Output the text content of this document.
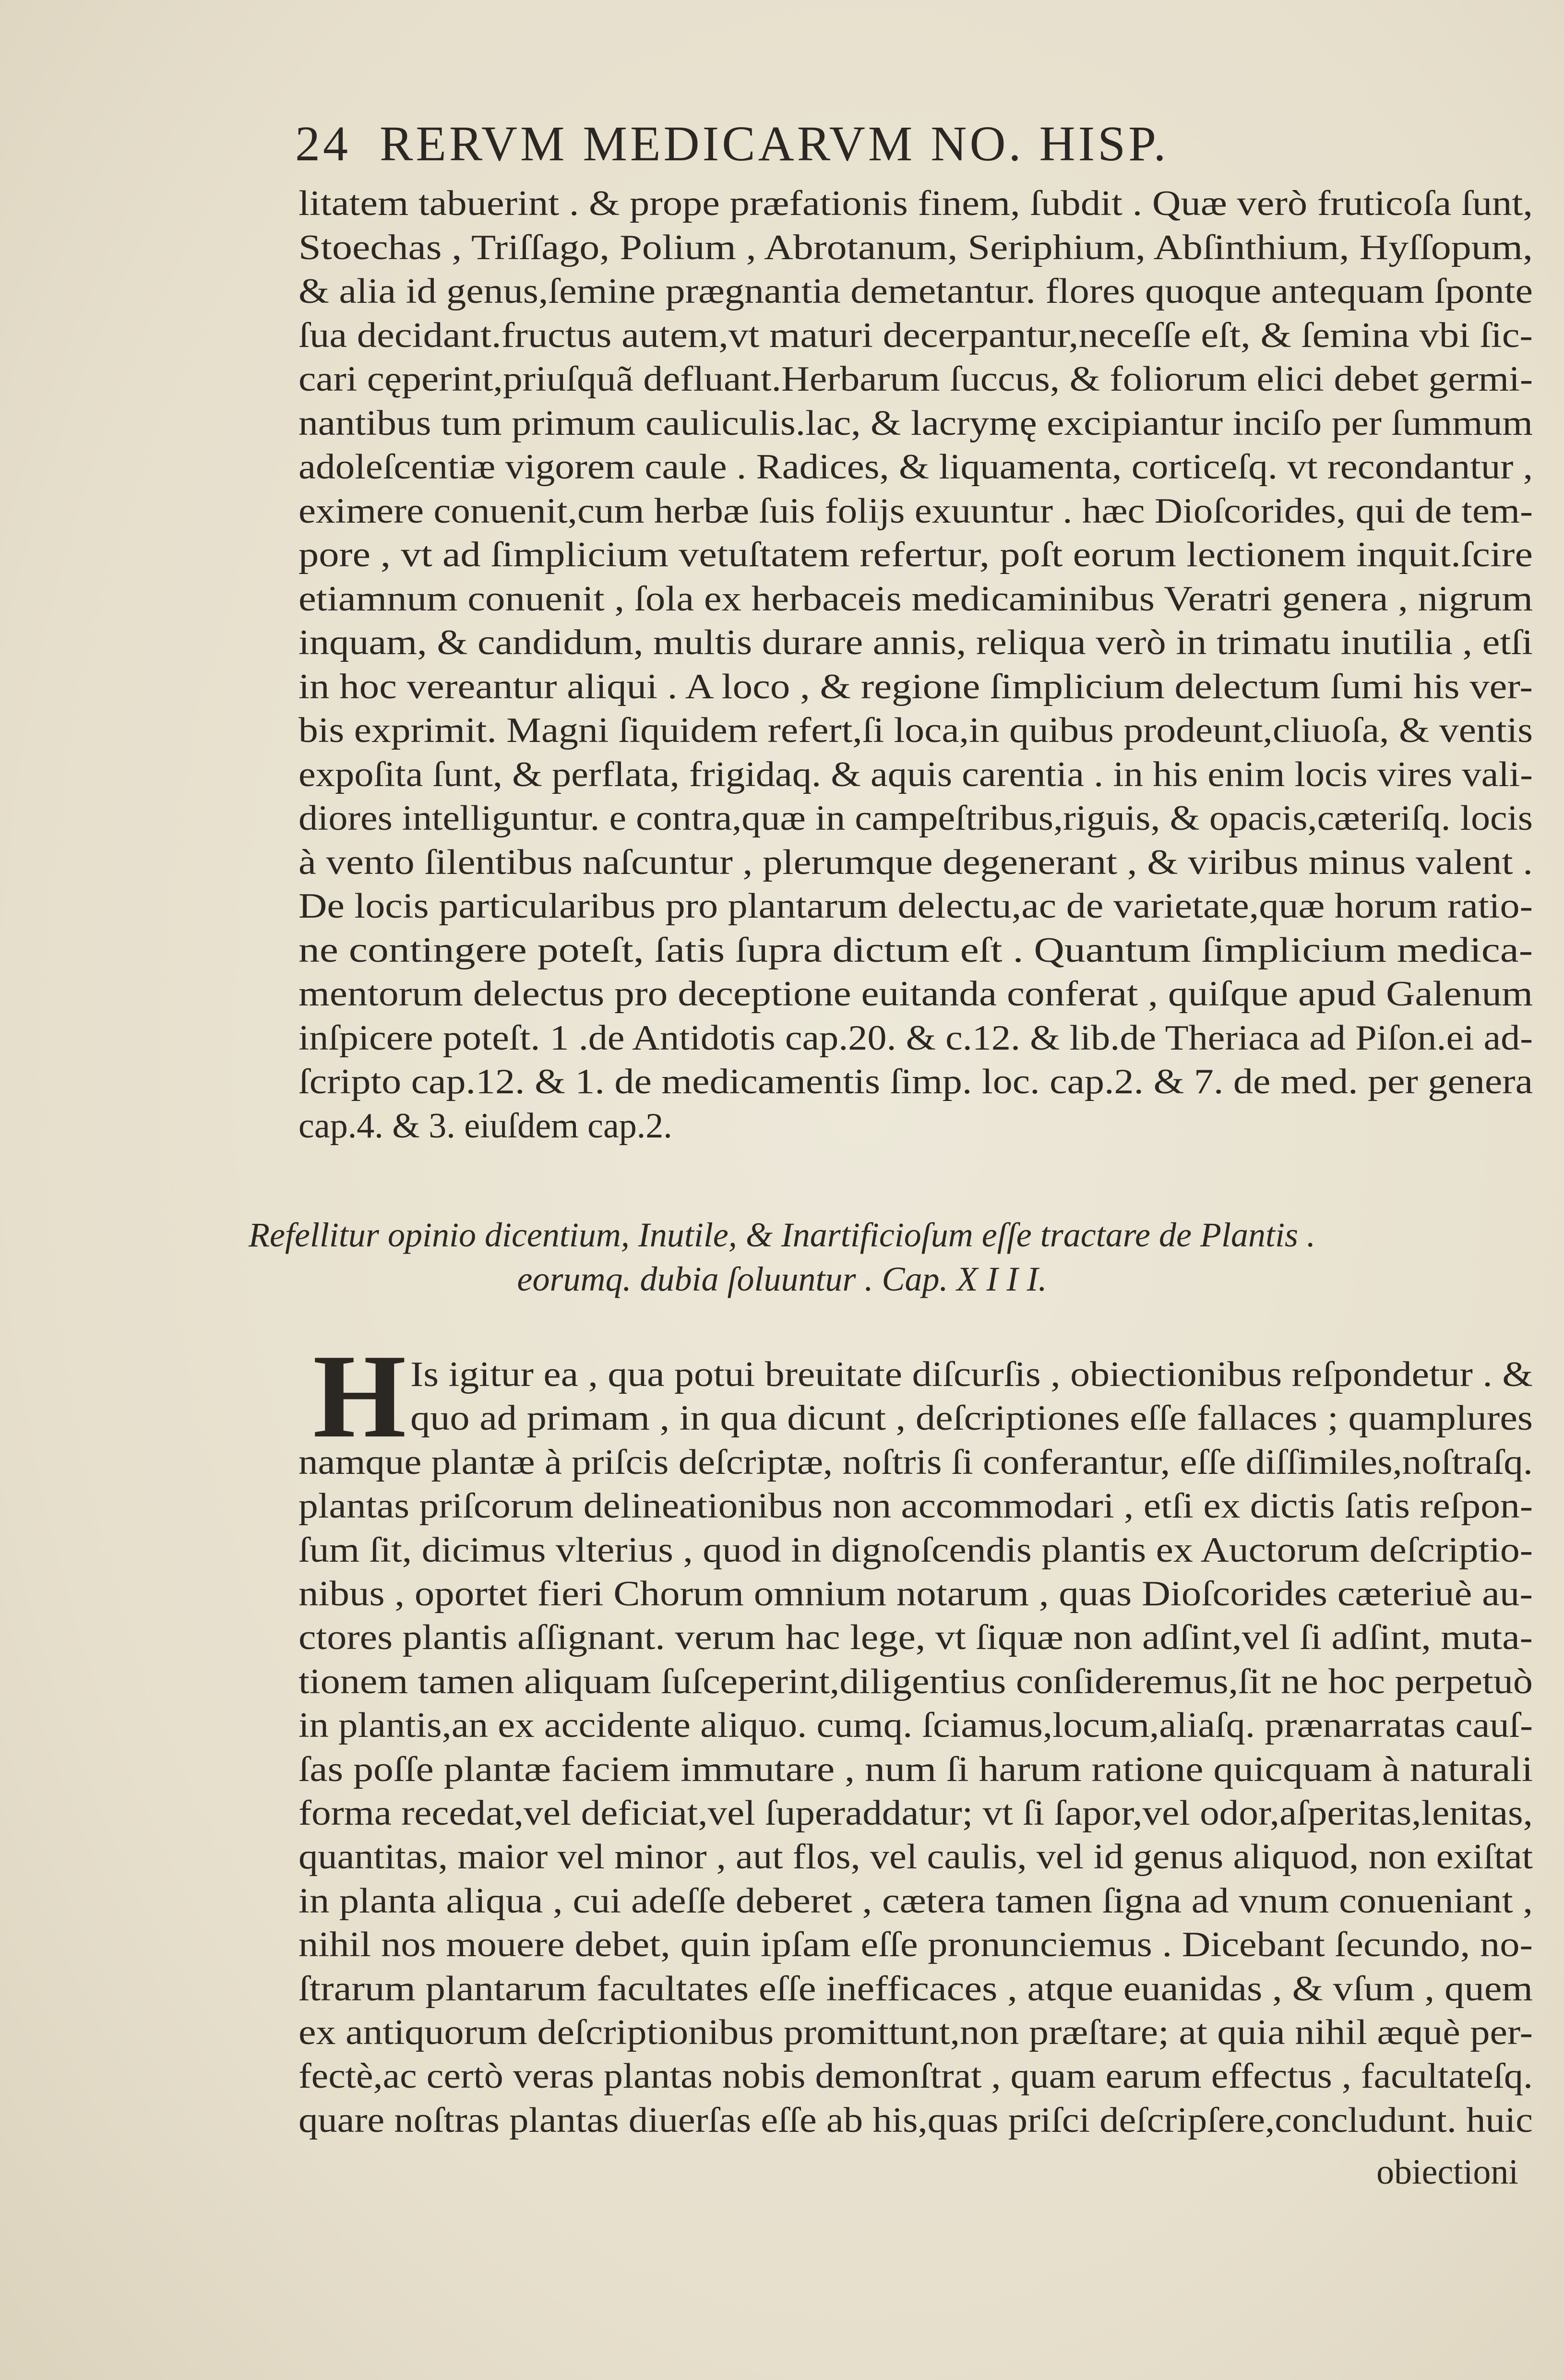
24 RERVM MEDICARVM NO. HISP.
litatem tabuerint . & prope præfationis finem, ſubdit . Quæ verò fruticoſa ſunt,
Stoechas , Triſſago, Polium , Abrotanum, Seriphium, Abſinthium, Hyſſopum,
& alia id genus,ſemine prægnantia demetantur. flores quoque antequam ſponte
ſua decidant.fructus autem,vt maturi decerpantur,neceſſe eſt, & ſemina vbi ſic-
cari cęperint,priuſquã defluant.Herbarum ſuccus, & foliorum elici debet germi-
nantibus tum primum cauliculis.lac, & lacrymę excipiantur inciſo per ſummum
adoleſcentiæ vigorem caule . Radices, & liquamenta, corticeſq. vt recondantur ,
eximere conuenit,cum herbæ ſuis folijs exuuntur . hæc Dioſcorides, qui de tem-
pore , vt ad ſimplicium vetuſtatem refertur, poſt eorum lectionem inquit.ſcire
etiamnum conuenit , ſola ex herbaceis medicaminibus Veratri genera , nigrum
inquam, & candidum, multis durare annis, reliqua verò in trimatu inutilia , etſi
in hoc vereantur aliqui . A loco , & regione ſimplicium delectum ſumi his ver-
bis exprimit. Magni ſiquidem refert,ſi loca,in quibus prodeunt,cliuoſa, & ventis
expoſita ſunt, & perflata, frigidaq. & aquis carentia . in his enim locis vires vali-
diores intelliguntur. e contra,quæ in campeſtribus,riguis, & opacis,cæteriſq. locis
à vento ſilentibus naſcuntur , plerumque degenerant , & viribus minus valent .
De locis particularibus pro plantarum delectu,ac de varietate,quæ horum ratio-
ne contingere poteſt, ſatis ſupra dictum eſt . Quantum ſimplicium medica-
mentorum delectus pro deceptione euitanda conferat , quiſque apud Galenum
inſpicere poteſt. 1 .de Antidotis cap.20. & c.12. & lib.de Theriaca ad Piſon.ei ad-
ſcripto cap.12. & 1. de medicamentis ſimp. loc. cap.2. & 7. de med. per genera
cap.4. & 3. eiuſdem cap.2.
Refellitur opinio dicentium, Inutile, & Inartificioſum eſſe tractare de Plantis .
eorumq. dubia ſoluuntur . Cap. X I I I.
H Is igitur ea , qua potui breuitate diſcurſis , obiectionibus reſpondetur . &
quo ad primam , in qua dicunt , deſcriptiones eſſe fallaces ; quamplures
namque plantæ à priſcis deſcriptæ, noſtris ſi conferantur, eſſe diſſimiles,noſtraſq.
plantas priſcorum delineationibus non accommodari , etſi ex dictis ſatis reſpon-
ſum ſit, dicimus vlterius , quod in dignoſcendis plantis ex Auctorum deſcriptio-
nibus , oportet fieri Chorum omnium notarum , quas Dioſcorides cæteriuè au-
ctores plantis aſſignant. verum hac lege, vt ſiquæ non adſint,vel ſi adſint, muta-
tionem tamen aliquam ſuſceperint,diligentius conſideremus,ſit ne hoc perpetuò
in plantis,an ex accidente aliquo. cumq. ſciamus,locum,aliaſq. prænarratas cauſ-
ſas poſſe plantæ faciem immutare , num ſi harum ratione quicquam à naturali
forma recedat,vel deficiat,vel ſuperaddatur; vt ſi ſapor,vel odor,aſperitas,lenitas,
quantitas, maior vel minor , aut flos, vel caulis, vel id genus aliquod, non exiſtat
in planta aliqua , cui adeſſe deberet , cætera tamen ſigna ad vnum conueniant ,
nihil nos mouere debet, quin ipſam eſſe pronunciemus . Dicebant ſecundo, no-
ſtrarum plantarum facultates eſſe inefficaces , atque euanidas , & vſum , quem
ex antiquorum deſcriptionibus promittunt,non præſtare; at quia nihil æquè per-
fectè,ac certò veras plantas nobis demonſtrat , quam earum effectus , facultateſq.
quare noſtras plantas diuerſas eſſe ab his,quas priſci deſcripſere,concludunt. huic
obiectioni
